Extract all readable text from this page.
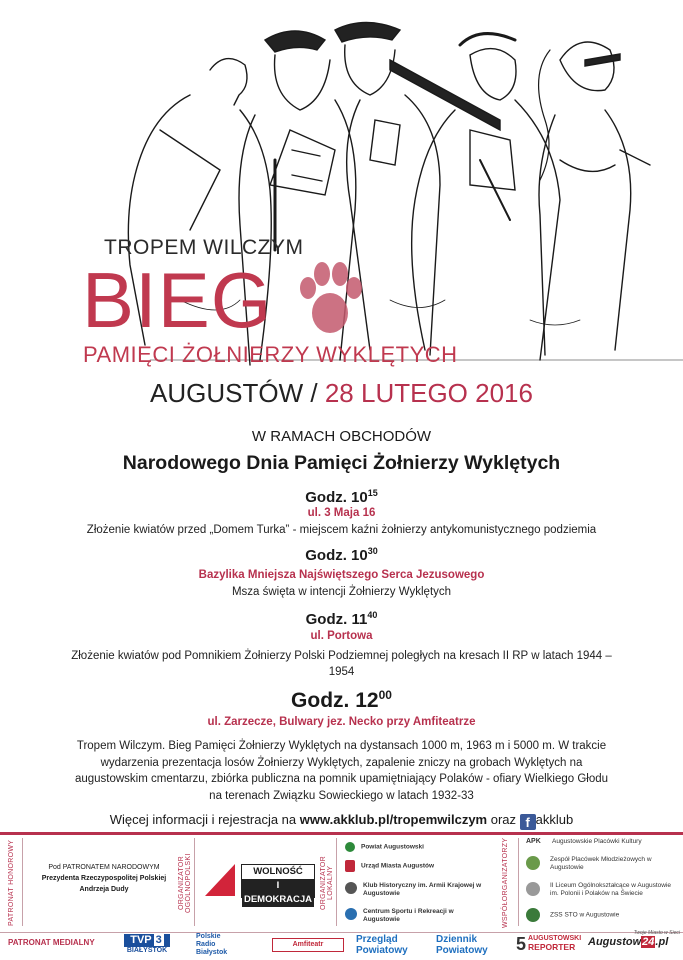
TROPEM WILCZYM
BIEG
PAMIĘCI ŻOŁNIERZY WYKLĘTYCH
AUGUSTÓW / 28 LUTEGO 2016
W RAMACH OBCHODÓW
Narodowego Dnia Pamięci Żołnierzy Wyklętych
Godz. $10^{15}$
ul. 3 Maja 16
Złożenie kwiatów przed „Domem Turka” - miejscem kaźni żołnierzy antykomunistycznego podziemia
Godz. $10^{30}$
Bazylika Mniejsza Najświętszego Serca Jezusowego
Msza święta w intencji Żołnierzy Wyklętych
Godz. $11^{40}$
ul. Portowa
Złożenie kwiatów pod Pomnikiem Żołnierzy Polski Podziemnej poległych na kresach II RP w latach 1944 – 1954
Godz. $12^{00}$
ul. Zarzecze, Bulwary jez. Necko przy Amfiteatrze
Tropem Wilczym. Bieg Pamięci Żołnierzy Wyklętych na dystansach 1000 m, 1963 m i 5000 m. W trakcie wydarzenia prezentacja losów Żołnierzy Wyklętych, zapalenie zniczy na grobach Wyklętych na augustowskim cmentarzu, zbiórka publiczna na pomnik upamiętniający Polaków - ofiary Wielkiego Głodu na terenach Związku Sowieckiego w latach 1932-33
Więcej informacji i rejestracja na www.akklub.pl/tropemwilczym oraz f akklub
PATRONAT HONOROWY	Pod PATRONATEM NARODOWYM
Prezydenta Rzeczypospolitej Polskiej
Andrzeja Dudy	ORGANIZATOR OGÓLNOPOLSKI	WOLNOŚĆ
I DEMOKRACJA ORGANIZATOR LOKALNY
Powiat Augustowski
Urząd Miasta Augustów
Klub Historyczny im. Armii Krajowej w Augustowie
Centrum Sportu i Rekreacji w Augustowie	WSPÓŁORGANIZATORZY APK Augustowskie Placówki Kultury
Zespół Placówek Młodzieżowych w Augustowie
II Liceum Ogólnokształcące w Augustowie im. Polonii i Polaków na Świecie
ZSS STO w Augustowie
PATRONAT MEDIALNY	TVP 3
BIAŁYSTOK
Polskie
Radio
Białystok
Amfiteatr	Przegląd
Powiatowy
Dziennik
Powiatowy	5 AUGUSTOWSKI
REPORTER
Twoje Miasto w Sieci
Augustow24.pl
